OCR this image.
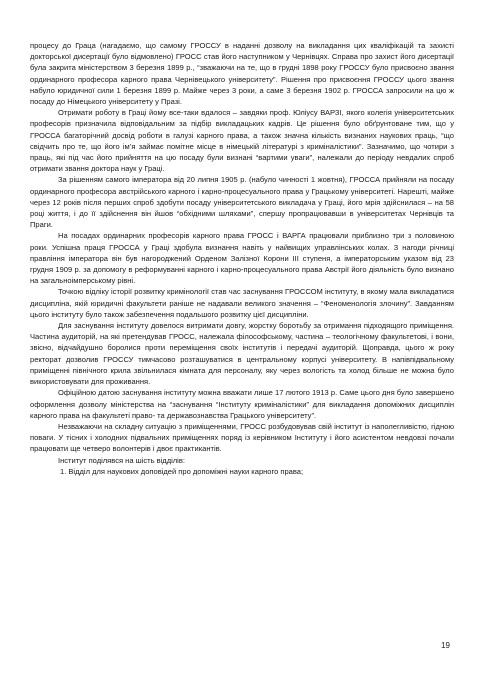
процесу до Граца (нагадаємо, що самому ГРОССУ в наданні дозволу на викладання цих кваліфікацій та захисті докторської дисертації було відмовлено) ГРОСС став його наступником у Чернівцях. Справа про захист його дисертації була закрита міністерством 3 березня 1899 р., “зважаючи на те, що в грудні 1898 року ГРОССУ було присвоєно звання ординарного професора карного права Чернівецького університету”. Рішення про присвоєння ГРОССУ цього звання набуло юридичної сили 1 березня 1899 р. Майже через 3 роки, а саме 3 березня 1902 р. ГРОССА запросили на цю ж посаду до Німецького університету у Празі.

Отримати роботу в Граці йому все-таки вдалося – завдяки проф. Юліусу ВАРЗІ, якого колегія університетських професорів призначила відповідальним за підбір викладацьких кадрів. Це рішення було обґрунтоване тим, що у ГРОССА багаторічний досвід роботи в галузі карного права, а також значна кількість визнаних наукових праць, “що свідчить про те, що його ім’я займає помітне місце в німецькій літературі з криміналістики”. Зазначимо, що чотири з праць, які під час його прийняття на цю посаду були визнані “вартими уваги”, належали до періоду невдалих спроб отримати звання доктора наук у Граці.

За рішенням самого імператора від 20 липня 1905 р. (набуло чинності 1 жовтня), ГРОССА прийняли на посаду ординарного професора австрійського карного і карно-процесуального права у Грацькому університеті. Нарешті, майже через 12 років після перших спроб здобути посаду університетського викладача у Граці, його мрія здійснилася – на 58 році життя, і до її здійснення він йшов “обхідними шляхами”, спершу пропрацювавши в університетах Чернівців та Праги.

На посадах ординарних професорів карного права ГРОСС і ВАРГА працювали приблизно три з половиною роки. Успішна праця ГРОССА у Граці здобула визнання навіть у найвищих управлінських колах. З нагоди річниці правління імператора він був нагороджений Орденом Залізної Корони III ступеня, а імператорським указом від 23 грудня 1909 р. за допомогу в реформуванні карного і карно-процесуального права Австрії його діяльність було визнано на загальноімперському рівні.

Точкою відліку історії розвитку кримінології став час заснування ГРОССОМ інституту, в якому мала викладатися дисципліна, якій юридичні факультети раніше не надавали великого значення – “Феноменологія злочину”. Завданням цього інституту було також забезпечення подальшого розвитку цієї дисципліни.

Для заснування інституту довелося витримати довгу, жорстку боротьбу за отримання підходящого приміщення. Частина аудиторій, на які претендував ГРОСС, належала філософському, частина – теологічному факультетові, і вони, звісно, відчайдушно боролися проти переміщення своїх інститутів і передачі аудиторій. Щоправда, цього ж року ректорат дозволив ГРОССУ тимчасово розташуватися в центральному корпусі університету. В напівпідвальному приміщенні північного крила звільнилася кімната для персоналу, яку через вологість та холод більше не можна було використовувати для проживання.

Офіційною датою заснування інституту можна вважати лише 17 лютого 1913 р. Саме цього дня було завершено оформлення дозволу міністерства на “заснування “Інституту криміналістики” для викладання допоміжних дисциплін карного права на факультеті право- та державознавства Грацького університету”.

Незважаючи на складну ситуацію з приміщеннями, ГРОСС розбудовував свій інститут із наполегливістю, гідною поваги. У тісних і холодних підвальних приміщеннях поряд із керівником Інституту і його асистентом невдовзі почали працювати ще четверо волонтерів і двоє практикантів.

Інститут поділявся на шість відділів:

1. Відділ для наукових доповідей про допоміжні науки карного права;

19
